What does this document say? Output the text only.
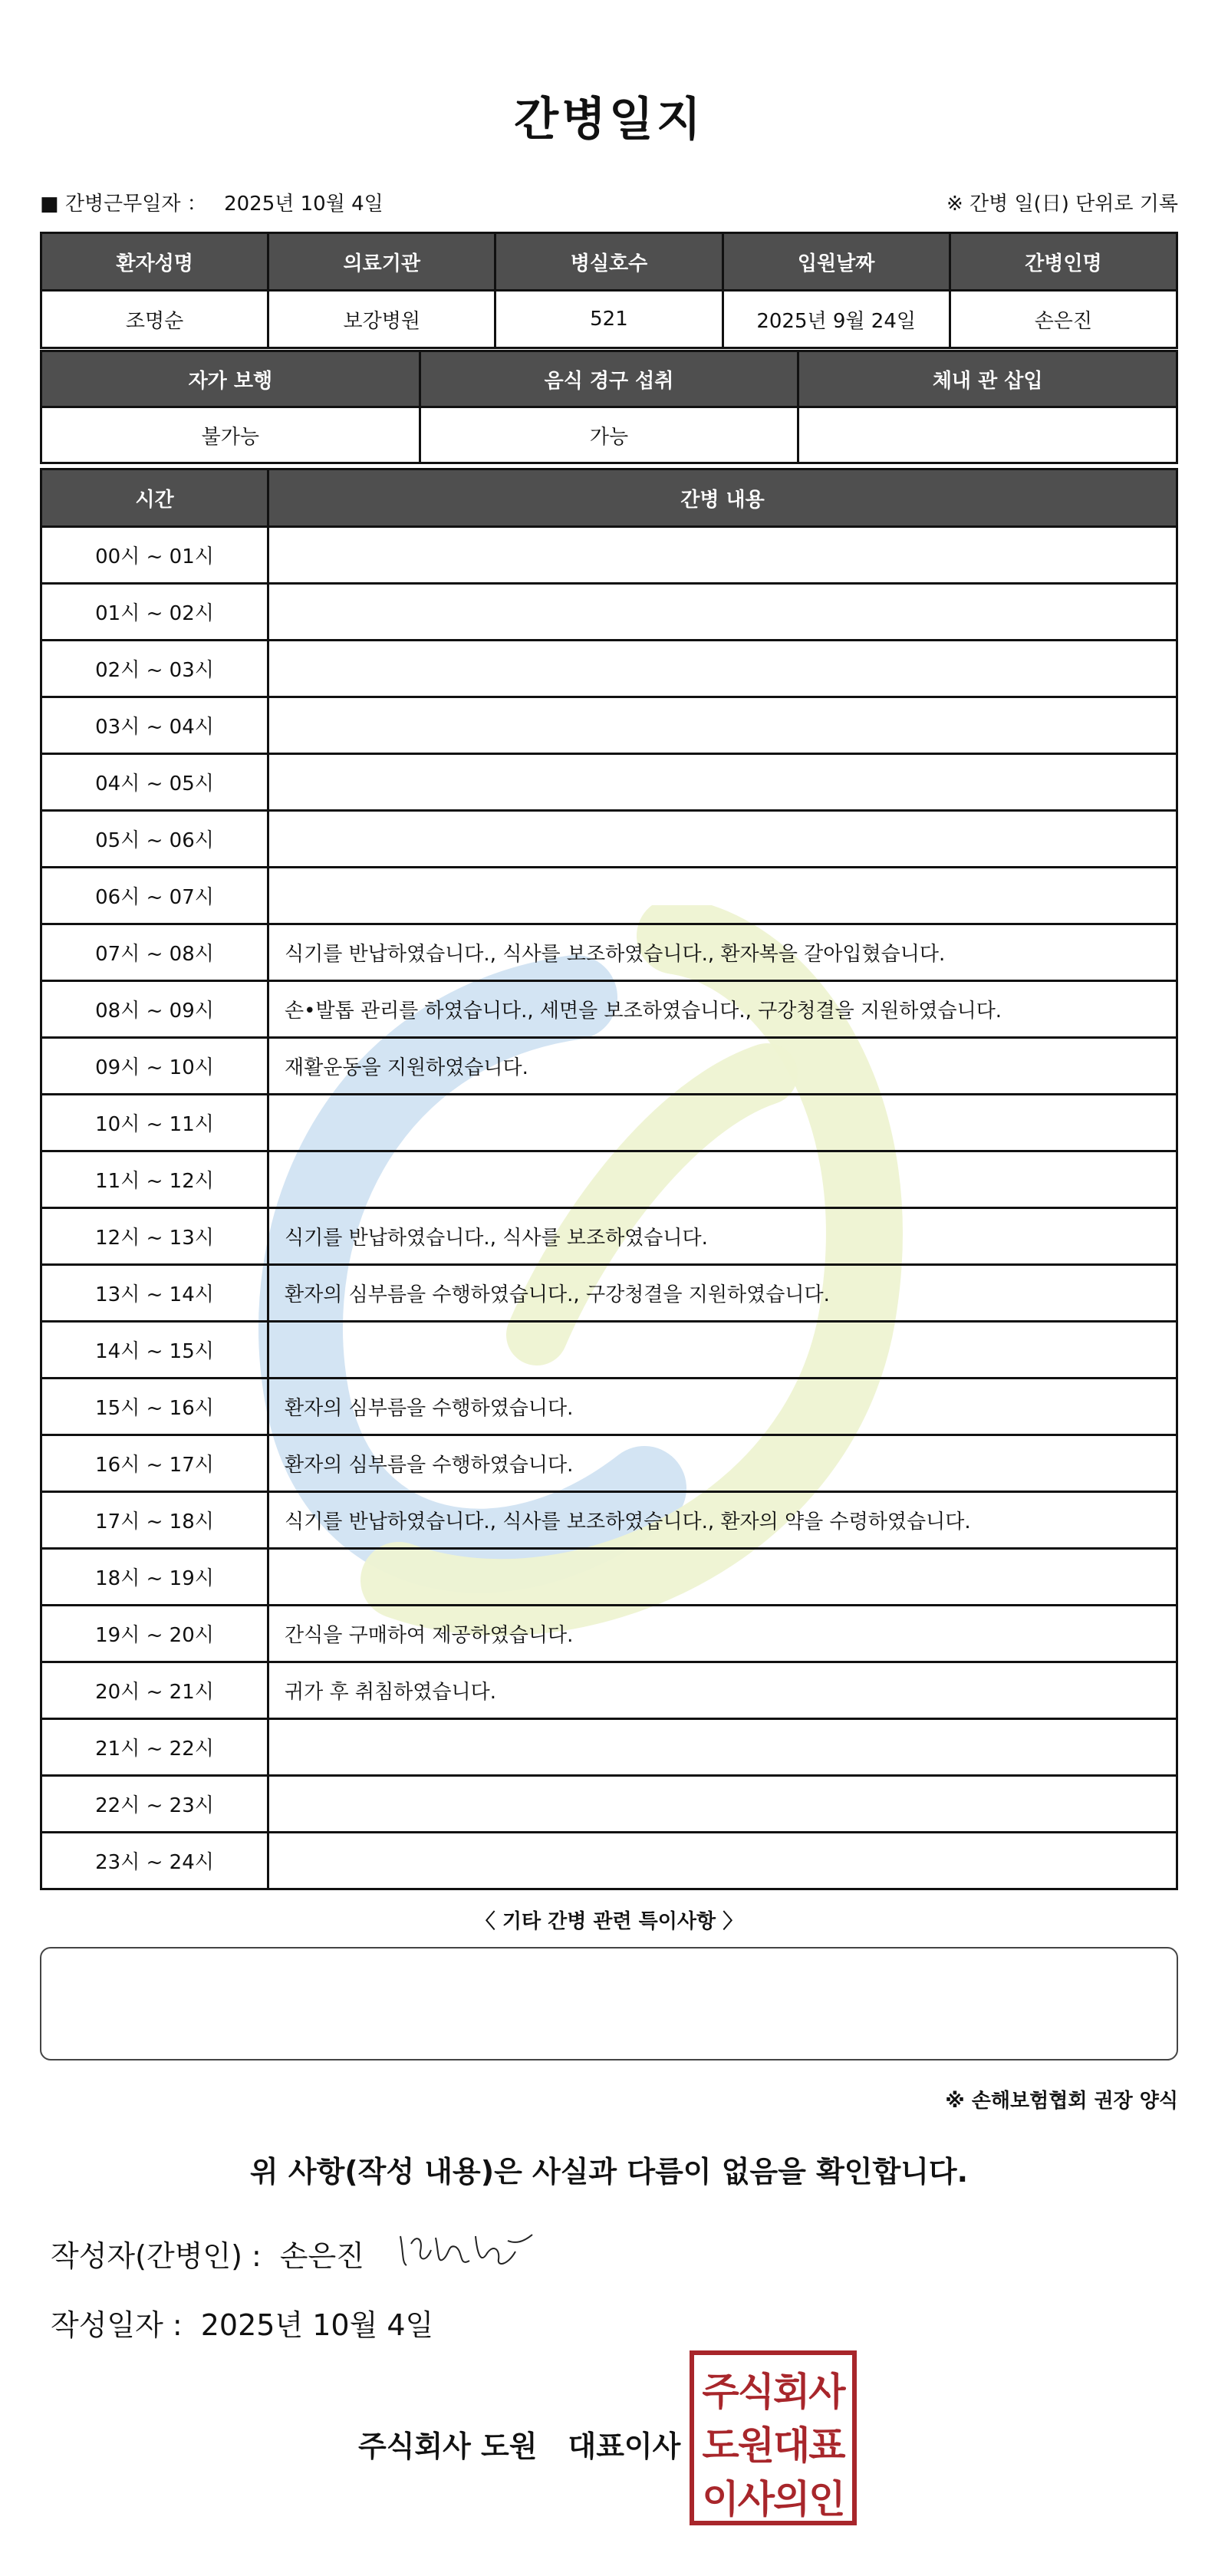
간병일지
■ 간병근무일자 ： 2025년 10월 4일	※ 간병 일(日) 단위로 기록
환자성명	의료기관	병실호수	입원날짜	간병인명
조명순	보강병원	521	2025년 9월 24일	손은진
자가 보행	음식 경구 섭취	체내 관 삽입
불가능	가능	
시간	간병 내용
00시 ~ 01시	
01시 ~ 02시	
02시 ~ 03시	
03시 ~ 04시	
04시 ~ 05시	
05시 ~ 06시	
06시 ~ 07시	
07시 ~ 08시	식기를 반납하였습니다., 식사를 보조하였습니다., 환자복을 갈아입혔습니다.
08시 ~ 09시	손•발톱 관리를 하였습니다., 세면을 보조하였습니다., 구강청결을 지원하였습니다.
09시 ~ 10시	재활운동을 지원하였습니다.
10시 ~ 11시	
11시 ~ 12시	
12시 ~ 13시	식기를 반납하였습니다., 식사를 보조하였습니다.
13시 ~ 14시	환자의 심부름을 수행하였습니다., 구강청결을 지원하였습니다.
14시 ~ 15시	
15시 ~ 16시	환자의 심부름을 수행하였습니다.
16시 ~ 17시	환자의 심부름을 수행하였습니다.
17시 ~ 18시	식기를 반납하였습니다., 식사를 보조하였습니다., 환자의 약을 수령하였습니다.
18시 ~ 19시	
19시 ~ 20시	간식을 구매하여 제공하였습니다.
20시 ~ 21시	귀가 후 취침하였습니다.
21시 ~ 22시	
22시 ~ 23시	
23시 ~ 24시	
〈 기타 간병 관련 특이사항 〉
※ 손해보험협회 권장 양식
위 사항(작성 내용)은 사실과 다름이 없음을 확인합니다.
작성자(간병인) : 손은진
작성일자 : 2025년 10월 4일
주식회사 도원 대표이사
주식회사
도원대표
이사의인
